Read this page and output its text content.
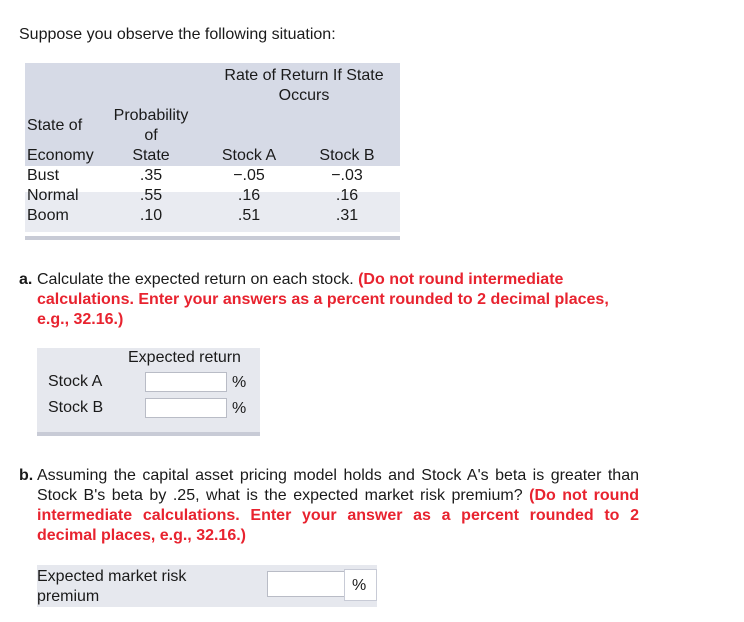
Suppose you observe the following situation:
Rate of Return If State Occurs
State of
Economy
Probability
of
State	Stock A	Stock B
Bust	.35	−.05	−.03
Normal	.55	.16	.16
Boom	.10	.51	.31
a. Calculate the expected return on each stock. (Do not round intermediate calculations. Enter your answers as a percent rounded to 2 decimal places, e.g., 32.16.)
Expected return
Stock A	%
Stock B	%
b. Assuming the capital asset pricing model holds and Stock A's beta is greater than Stock B's beta by .25, what is the expected market risk premium? (Do not round intermediate calculations. Enter your answer as a percent rounded to 2 decimal places, e.g., 32.16.)
Expected market risk premium
%
